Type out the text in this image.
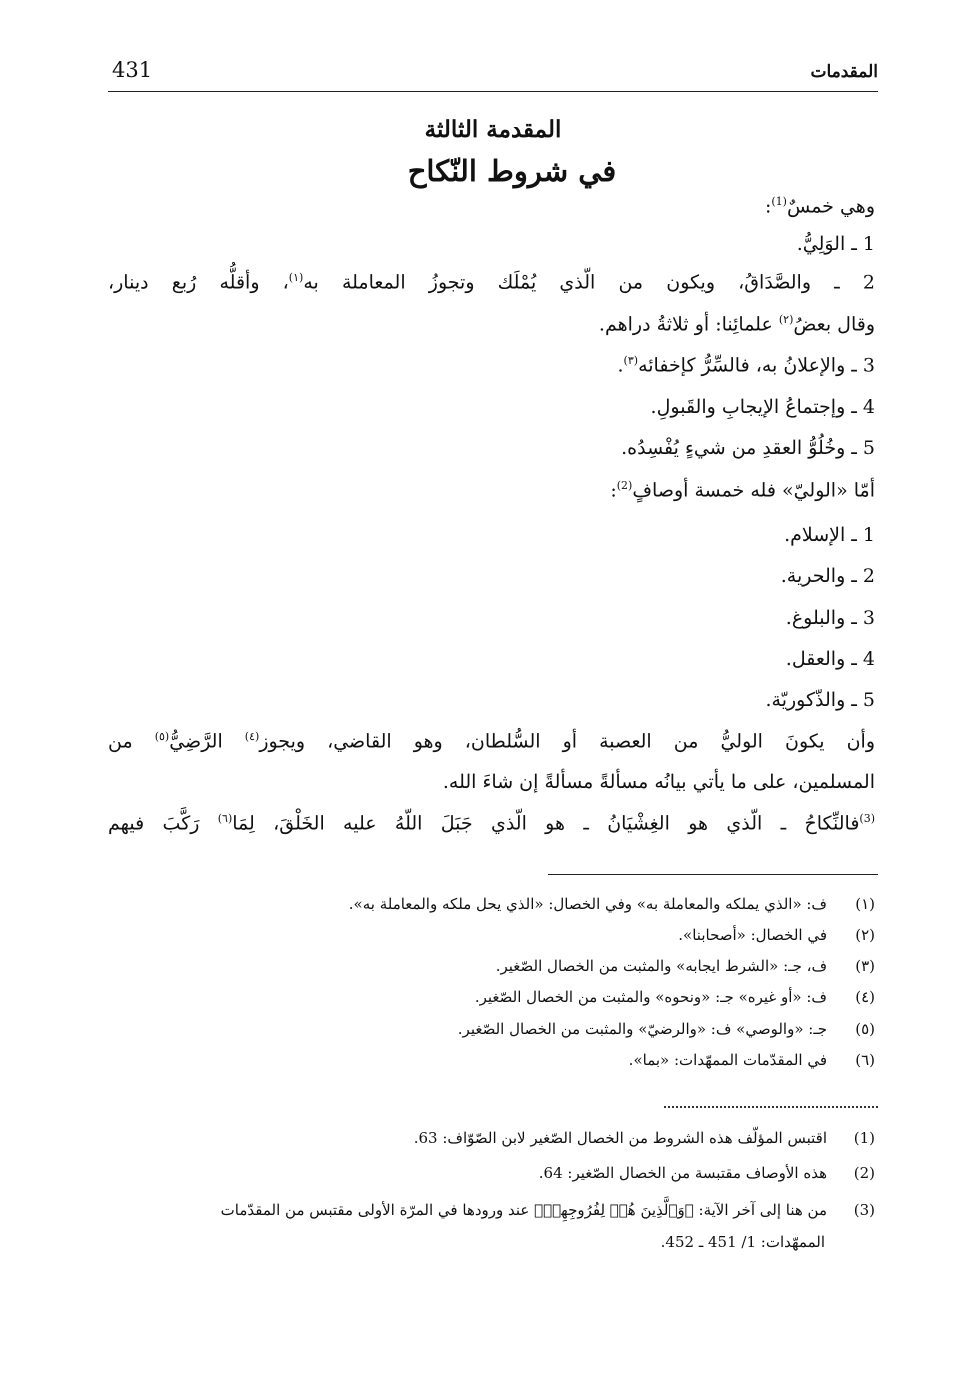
المقدمات
431
المقدمة الثالثة
في شروط النّكاح
وهي خمسٌ$^{(1)}$:
1 ـ الوَلِيُّ.
2 ـ والصَّدَاقُ، ويكون من الّذي يُمْلَك وتجوزُ المعاملة به$^{(١)}$، وأقلُّه رُبع دينار،
وقال بعضُ$^{(٢)}$ علمائِنا: أو ثلاثةُ دراهم.
3 ـ والإعلانُ به، فالسِّرُّ كإخفائه$^{(٣)}$.
4 ـ وإجتماعُ الإيجابِ والقَبولِ.
5 ـ وخُلُوُّ العقدِ من شيءٍ يُفْسِدُه.
أمّا «الوليّ» فله خمسة أوصافٍ$^{(2)}$:
1 ـ الإسلام.
2 ـ والحرية.
3 ـ والبلوغ.
4 ـ والعقل.
5 ـ والذّكوريّة.
وأن يكونَ الوليُّ من العصبة أو السُّلطان، وهو القاضي، ويجوز$^{(٤)}$ الرَّضِيُّ$^{(٥)}$ من
المسلمين، على ما يأتي بيانُه مسألةً مسألةً إن شاءَ الله.
$^{(3)}$فالنِّكاحُ ـ الّذي هو الغِشْيَانُ ـ هو الّذي جَبَلَ اللّهُ عليه الخَلْقَ، لِمَا$^{(٦)}$ رَكَّبَ فيهم
(١)ف: «الذي يملكه والمعاملة به» وفي الخصال: «الذي يحل ملكه والمعاملة به».
(٢)في الخصال: «أصحابنا».
(٣)ف، جـ: «الشرط ايجابه» والمثبت من الخصال الصّغير.
(٤)ف: «أو غيره» جـ: «ونحوه» والمثبت من الخصال الصّغير.
(٥)جـ: «والوصي» ف: «والرضيّ» والمثبت من الخصال الصّغير.
(٦)في المقدّمات الممهّدات: «بما».
(1)اقتبس المؤلّف هذه الشروط من الخصال الصّغير لابن الصّوّاف: 63.
(2)هذه الأوصاف مقتبسة من الخصال الصّغير: 64.
(3)من هنا إلى آخر الآية: ﴿وَٱلَّذِينَ هُمۡ لِفُرُوجِهِمۡ﴾ عند ورودها في المرّة الأولى مقتبس من المقدّمات
الممهّدات: 1/ 451 ـ 452.
